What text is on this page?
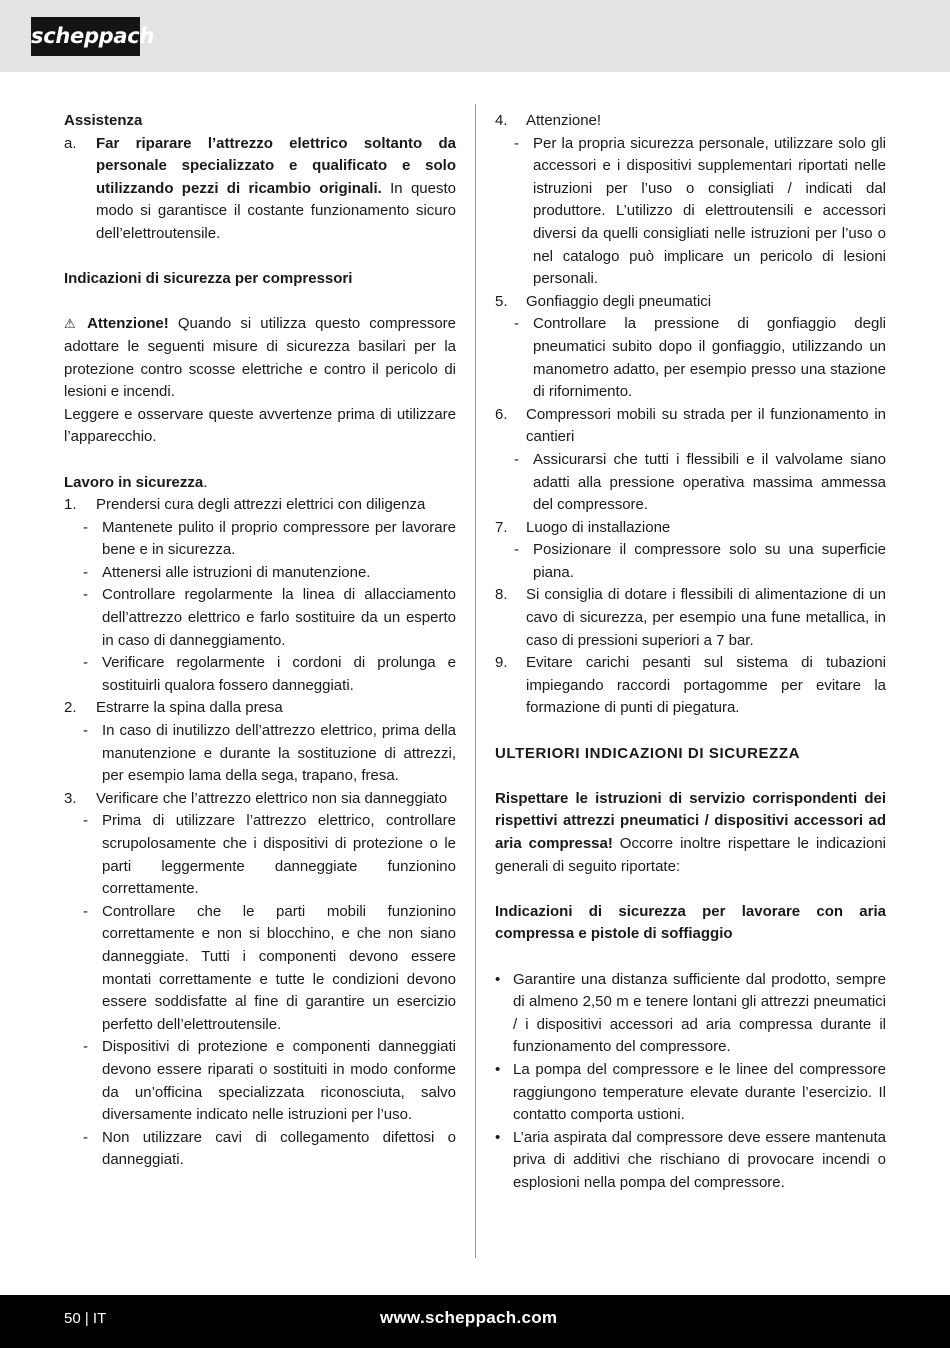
scheppach

Assistenza

a.	Far riparare l’attrezzo elettrico soltanto da personale specializzato e qualificato e solo utilizzando pezzi di ricambio originali. In questo modo si garantisce il costante funzionamento sicuro dell’elettroutensile.

Indicazioni di sicurezza per compressori

⚠ Attenzione! Quando si utilizza questo compressore adottare le seguenti misure di sicurezza basilari per la protezione contro scosse elettriche e contro il pericolo di lesioni e incendi.

Leggere e osservare queste avvertenze prima di utilizzare l’apparecchio.

Lavoro in sicurezza.

1.	Prendersi cura degli attrezzi elettrici con diligenza
- Mantenete pulito il proprio compressore per lavorare bene e in sicurezza.
- Attenersi alle istruzioni di manutenzione.
- Controllare regolarmente la linea di allacciamento dell’attrezzo elettrico e farlo sostituire da un esperto in caso di danneggiamento.
- Verificare regolarmente i cordoni di prolunga e sostituirli qualora fossero danneggiati.
2.	Estrarre la spina dalla presa
- In caso di inutilizzo dell’attrezzo elettrico, prima della manutenzione e durante la sostituzione di attrezzi, per esempio lama della sega, trapano, fresa.
3.	Verificare che l’attrezzo elettrico non sia danneggiato
- Prima di utilizzare l’attrezzo elettrico, controllare scrupolosamente che i dispositivi di protezione o le parti leggermente danneggiate funzionino correttamente.
- Controllare che le parti mobili funzionino correttamente e non si blocchino, e che non siano danneggiate. Tutti i componenti devono essere montati correttamente e tutte le condizioni devono essere soddisfatte al fine di garantire un esercizio perfetto dell’elettroutensile.
- Dispositivi di protezione e componenti danneggiati devono essere riparati o sostituiti in modo conforme da un’officina specializzata riconosciuta, salvo diversamente indicato nelle istruzioni per l’uso.
- Non utilizzare cavi di collegamento difettosi o danneggiati.
4.	Attenzione!
- Per la propria sicurezza personale, utilizzare solo gli accessori e i dispositivi supplementari riportati nelle istruzioni per l’uso o consigliati / indicati dal produttore. L’utilizzo di elettroutensili e accessori diversi da quelli consigliati nelle istruzioni per l’uso o nel catalogo può implicare un pericolo di lesioni personali.
5.	Gonfiaggio degli pneumatici
- Controllare la pressione di gonfiaggio degli pneumatici subito dopo il gonfiaggio, utilizzando un manometro adatto, per esempio presso una stazione di rifornimento.
6.	Compressori mobili su strada per il funzionamento in cantieri
- Assicurarsi che tutti i flessibili e il valvolame siano adatti alla pressione operativa massima ammessa del compressore.
7.	Luogo di installazione
- Posizionare il compressore solo su una superficie piana.
8.	Si consiglia di dotare i flessibili di alimentazione di un cavo di sicurezza, per esempio una fune metallica, in caso di pressioni superiori a 7 bar.
9.	Evitare carichi pesanti sul sistema di tubazioni impiegando raccordi portagomme per evitare la formazione di punti di piegatura.

ULTERIORI INDICAZIONI DI SICUREZZA

Rispettare le istruzioni di servizio corrispondenti dei rispettivi attrezzi pneumatici / dispositivi accessori ad aria compressa! Occorre inoltre rispettare le indicazioni generali di seguito riportate:

Indicazioni di sicurezza per lavorare con aria compressa e pistole di soffiaggio

• Garantire una distanza sufficiente dal prodotto, sempre di almeno 2,50 m e tenere lontani gli attrezzi pneumatici / i dispositivi accessori ad aria compressa durante il funzionamento del compressore.
• La pompa del compressore e le linee del compressore raggiungono temperature elevate durante l’esercizio. Il contatto comporta ustioni.
• L’aria aspirata dal compressore deve essere mantenuta priva di additivi che rischiano di provocare incendi o esplosioni nella pompa del compressore.
50 | IT	www.scheppach.com
